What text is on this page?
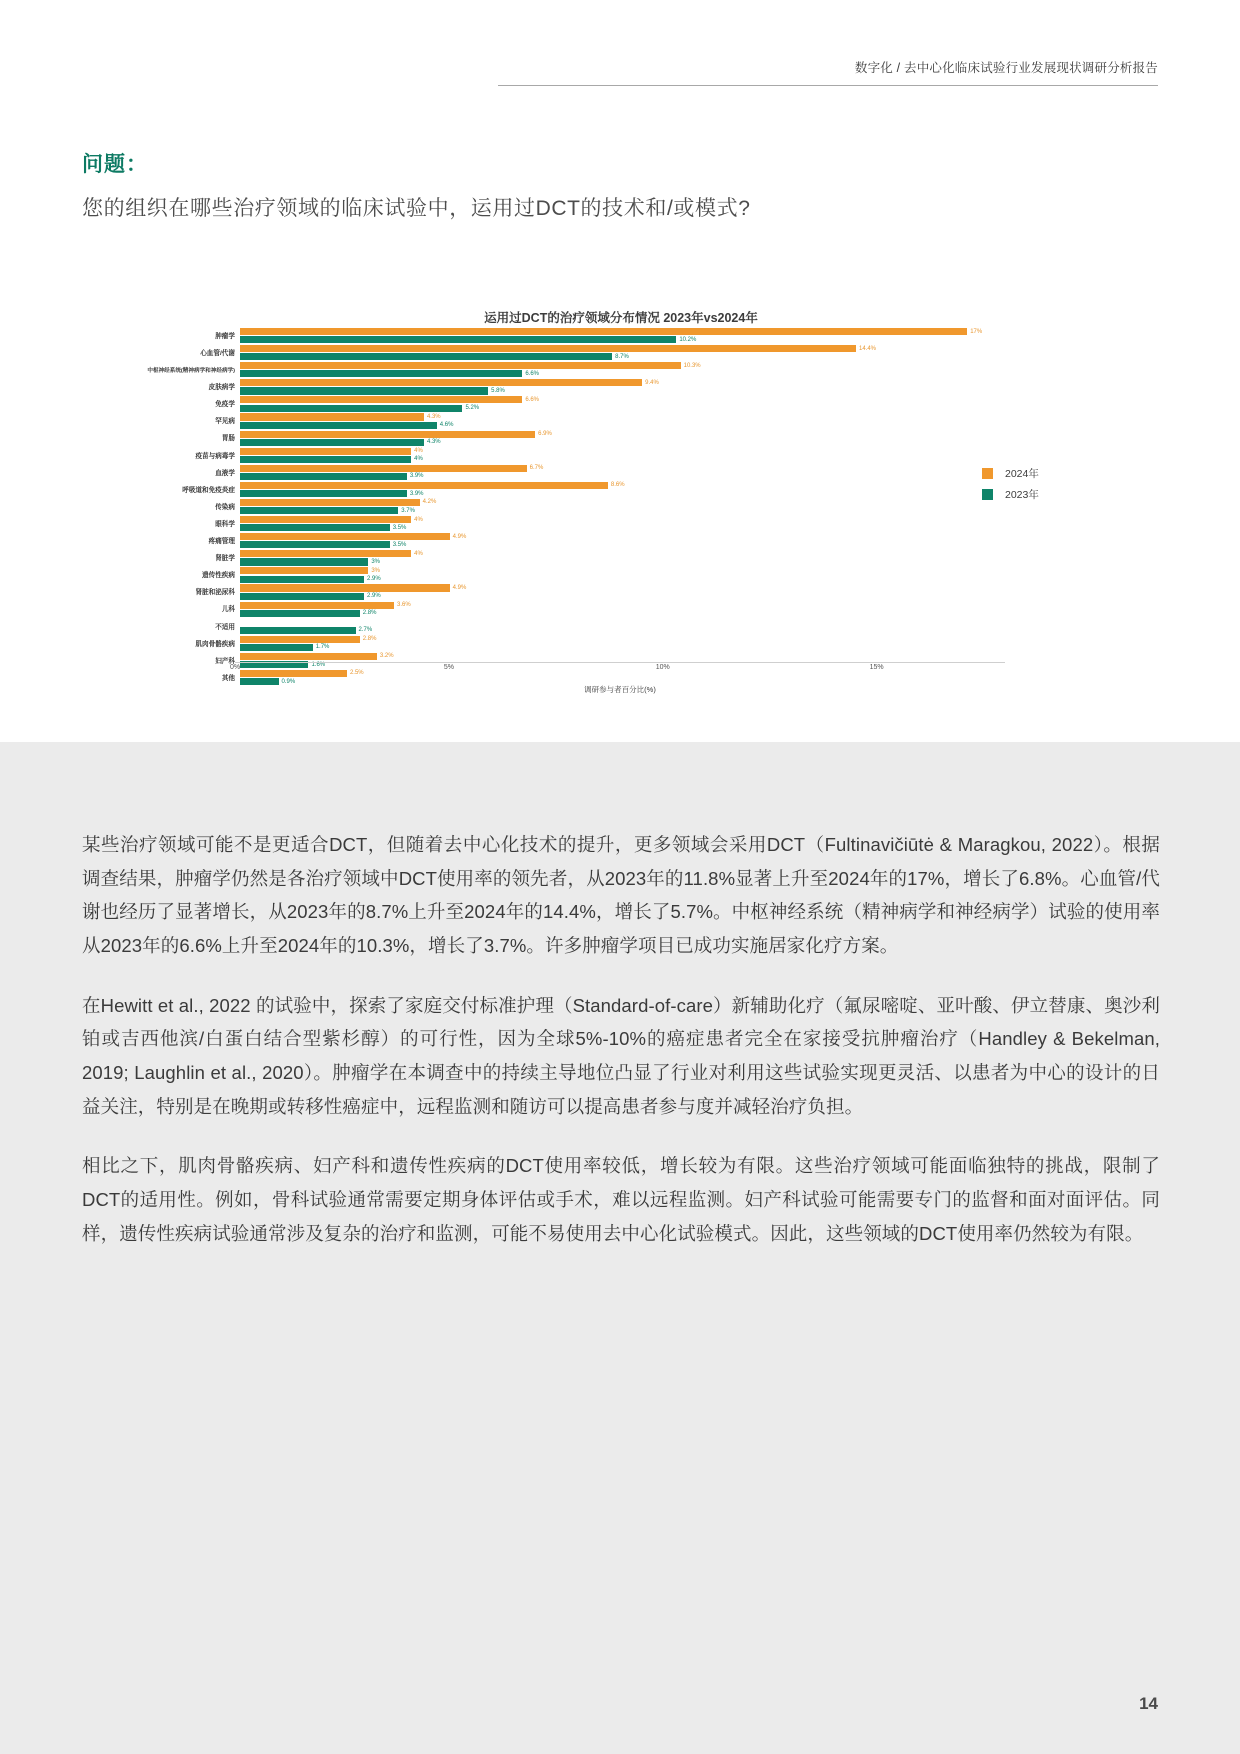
数字化 / 去中心化临床试验行业发展现状调研分析报告

问题：

您的组织在哪些治疗领域的临床试验中，运用过DCT的技术和/或模式?

运用过DCT的治疗领域分布情况 2023年vs2024年
肿瘤学
17%
10.2%
心血管/代谢
14.4%
8.7%
中枢神经系统(精神病学和神经病学)
10.3%
6.6%
皮肤病学
9.4%
5.8%
免疫学
6.6%
5.2%
罕见病
4.3%
4.6%
胃肠
6.9%
4.3%
疫苗与病毒学
4%
4%
血液学
6.7%
3.9%
呼吸道和免疫炎症
8.6%
3.9%
传染病
4.2%
3.7%
眼科学
4%
3.5%
疼痛管理
4.9%
3.5%
肾脏学
4%
3%
遗传性疾病
3%
2.9%
肾脏和泌尿科
4.9%
2.9%
儿科
3.6%
2.8%
不适用	2.7%
肌肉骨骼疾病
2.8%
1.7%
妇产科
3.2%
1.6%
其他
2.5%
0.9%
0%	5%	10%	15%
调研参与者百分比(%)
2024年
2023年

某些治疗领域可能不是更适合DCT，但随着去中心化技术的提升，更多领域会采用DCT（Fultinavičiūtė & Maragkou, 2022）。根据调查结果，肿瘤学仍然是各治疗领域中DCT使用率的领先者，从2023年的11.8%显著上升至2024年的17%，增长了6.8%。心血管/代谢也经历了显著增长，从2023年的8.7%上升至2024年的14.4%，增长了5.7%。中枢神经系统（精神病学和神经病学）试验的使用率从2023年的6.6%上升至2024年的10.3%，增长了3.7%。许多肿瘤学项目已成功实施居家化疗方案。

在Hewitt et al., 2022 的试验中，探索了家庭交付标准护理（Standard-of-care）新辅助化疗（氟尿嘧啶、亚叶酸、伊立替康、奥沙利铂或吉西他滨/白蛋白结合型紫杉醇）的可行性，因为全球5%-10%的癌症患者完全在家接受抗肿瘤治疗（Handley & Bekelman, 2019; Laughlin et al., 2020）。肿瘤学在本调查中的持续主导地位凸显了行业对利用这些试验实现更灵活、以患者为中心的设计的日益关注，特别是在晚期或转移性癌症中，远程监测和随访可以提高患者参与度并减轻治疗负担。

相比之下，肌肉骨骼疾病、妇产科和遗传性疾病的DCT使用率较低，增长较为有限。这些治疗领域可能面临独特的挑战，限制了DCT的适用性。例如，骨科试验通常需要定期身体评估或手术，难以远程监测。妇产科试验可能需要专门的监督和面对面评估。同样，遗传性疾病试验通常涉及复杂的治疗和监测，可能不易使用去中心化试验模式。因此，这些领域的DCT使用率仍然较为有限。

14
